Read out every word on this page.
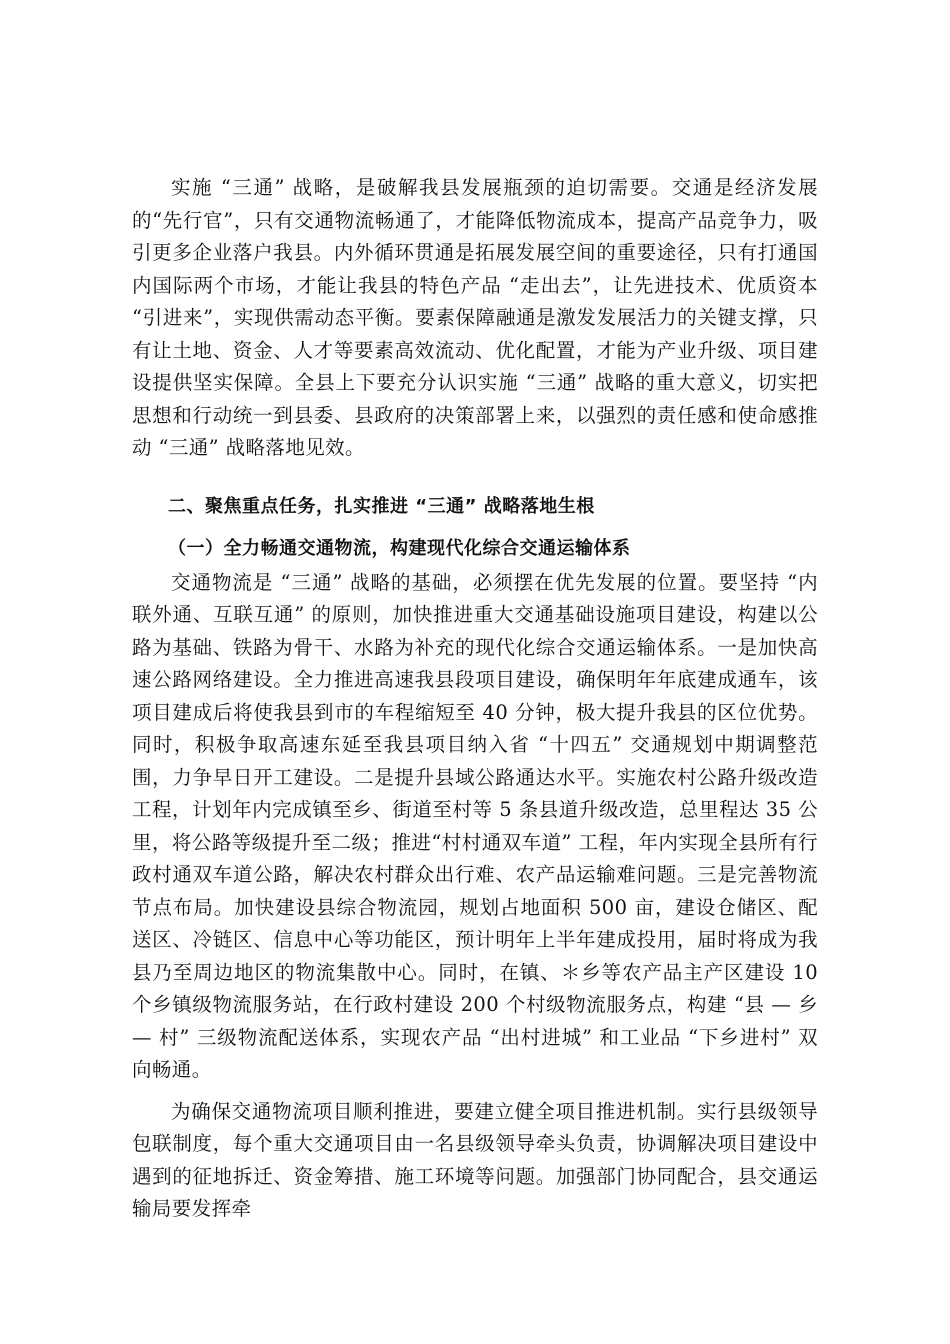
实施 “三通” 战略，是破解我县发展瓶颈的迫切需要。交通是经济发展的“先行官”，只有交通物流畅通了，才能降低物流成本，提高产品竞争力，吸引更多企业落户我县。内外循环贯通是拓展发展空间的重要途径，只有打通国内国际两个市场，才能让我县的特色产品 “走出去”，让先进技术、优质资本 “引进来”，实现供需动态平衡。要素保障融通是激发发展活力的关键支撑，只有让土地、资金、人才等要素高效流动、优化配置，才能为产业升级、项目建设提供坚实保障。全县上下要充分认识实施 “三通” 战略的重大意义，切实把思想和行动统一到县委、县政府的决策部署上来，以强烈的责任感和使命感推动 “三通” 战略落地见效。

二、聚焦重点任务，扎实推进 “三通” 战略落地生根

（一）全力畅通交通物流，构建现代化综合交通运输体系

交通物流是 “三通” 战略的基础，必须摆在优先发展的位置。要坚持 “内联外通、互联互通” 的原则，加快推进重大交通基础设施项目建设，构建以公路为基础、铁路为骨干、水路为补充的现代化综合交通运输体系。一是加快高速公路网络建设。全力推进高速我县段项目建设，确保明年年底建成通车，该项目建成后将使我县到市的车程缩短至 40 分钟，极大提升我县的区位优势。同时，积极争取高速东延至我县项目纳入省 “十四五” 交通规划中期调整范围，力争早日开工建设。二是提升县域公路通达水平。实施农村公路升级改造工程，计划年内完成镇至乡、街道至村等 5 条县道升级改造，总里程达 35 公里，将公路等级提升至二级；推进“村村通双车道” 工程，年内实现全县所有行政村通双车道公路，解决农村群众出行难、农产品运输难问题。三是完善物流节点布局。加快建设县综合物流园，规划占地面积 500 亩，建设仓储区、配送区、冷链区、信息中心等功能区，预计明年上半年建成投用，届时将成为我县乃至周边地区的物流集散中心。同时，在镇、＊乡等农产品主产区建设 10 个乡镇级物流服务站，在行政村建设 200 个村级物流服务点，构建 “县 — 乡 — 村” 三级物流配送体系，实现农产品 “出村进城” 和工业品 “下乡进村” 双向畅通。

为确保交通物流项目顺利推进，要建立健全项目推进机制。实行县级领导包联制度，每个重大交通项目由一名县级领导牵头负责，协调解决项目建设中遇到的征地拆迁、资金筹措、施工环境等问题。加强部门协同配合，县交通运输局要发挥牵
